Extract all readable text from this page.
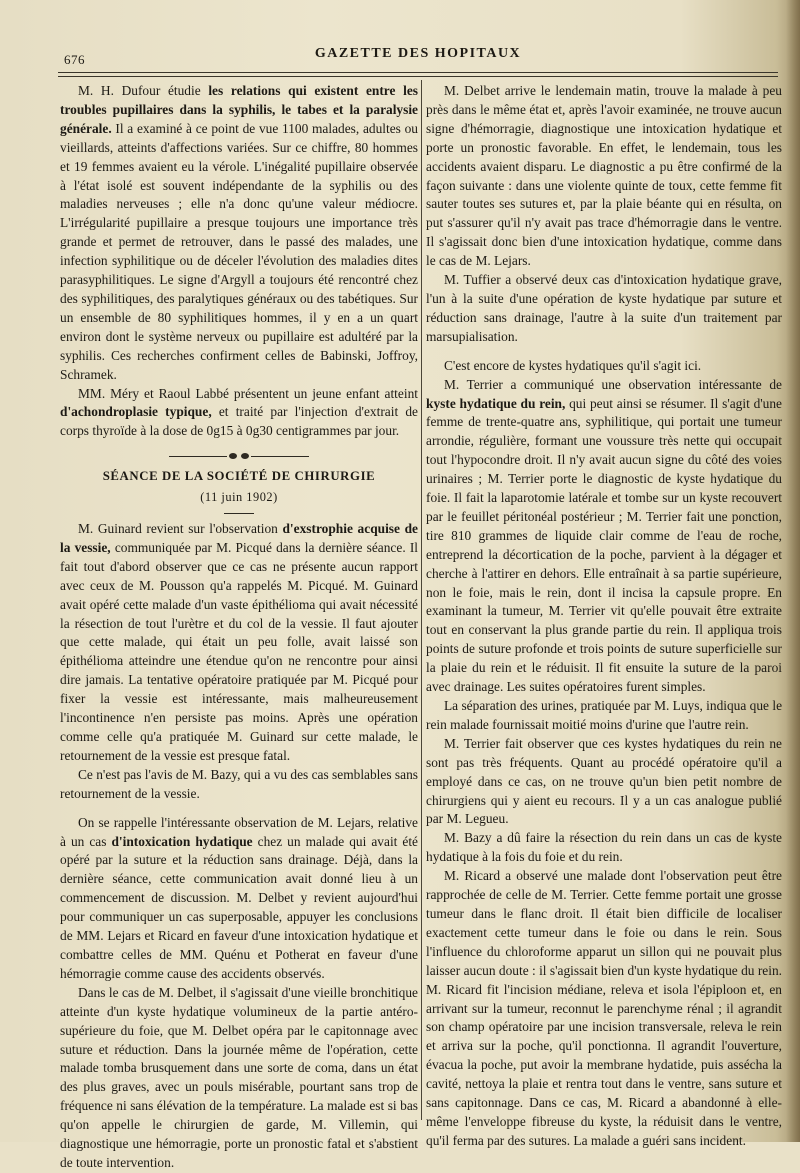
676	GAZETTE DES HOPITAUX

M. H. Dufour étudie les relations qui existent entre les troubles pupillaires dans la syphilis, le tabes et la paralysie générale. Il a examiné à ce point de vue 1100 malades, adultes ou vieillards, atteints d'affections variées. Sur ce chiffre, 80 hommes et 19 femmes avaient eu la vérole. L'inégalité pupillaire observée à l'état isolé est souvent indépendante de la syphilis ou des maladies nerveuses ; elle n'a donc qu'une valeur médiocre. L'irrégularité pupillaire a presque toujours une importance très grande et permet de retrouver, dans le passé des malades, une infection syphilitique ou de déceler l'évolution des maladies dites parasyphilitiques. Le signe d'Argyll a toujours été rencontré chez des syphilitiques, des paralytiques généraux ou des tabétiques. Sur un ensemble de 80 syphilitiques hommes, il y en a un quart environ dont le système nerveux ou pupillaire est adultéré par la syphilis. Ces recherches confirment celles de Babinski, Joffroy, Schramek.

MM. Méry et Raoul Labbé présentent un jeune enfant atteint d'achondroplasie typique, et traité par l'injection d'extrait de corps thyroïde à la dose de 0g15 à 0g30 centigrammes par jour.

SÉANCE DE LA SOCIÉTÉ DE CHIRURGIE
(11 juin 1902)

M. Guinard revient sur l'observation d'exstrophie acquise de la vessie, communiquée par M. Picqué dans la dernière séance. Il fait tout d'abord observer que ce cas ne présente aucun rapport avec ceux de M. Pousson qu'a rappelés M. Picqué. M. Guinard avait opéré cette malade d'un vaste épithélioma qui avait nécessité la résection de tout l'urètre et du col de la vessie. Il faut ajouter que cette malade, qui était un peu folle, avait laissé son épithélioma atteindre une étendue qu'on ne rencontre pour ainsi dire jamais. La tentative opératoire pratiquée par M. Picqué pour fixer la vessie est intéressante, mais malheureusement l'incontinence n'en persiste pas moins. Après une opération comme celle qu'a pratiquée M. Guinard sur cette malade, le retournement de la vessie est presque fatal.

Ce n'est pas l'avis de M. Bazy, qui a vu des cas semblables sans retournement de la vessie.

On se rappelle l'intéressante observation de M. Lejars, relative à un cas d'intoxication hydatique chez un malade qui avait été opéré par la suture et la réduction sans drainage. Déjà, dans la dernière séance, cette communication avait donné lieu à un commencement de discussion. M. Delbet y revient aujourd'hui pour communiquer un cas superposable, appuyer les conclusions de MM. Lejars et Ricard en faveur d'une intoxication hydatique et combattre celles de MM. Quénu et Potherat en faveur d'une hémorragie comme cause des accidents observés.

Dans le cas de M. Delbet, il s'agissait d'une vieille bronchitique atteinte d'un kyste hydatique volumineux de la partie antéro-supérieure du foie, que M. Delbet opéra par le capitonnage avec suture et réduction. Dans la journée même de l'opération, cette malade tomba brusquement dans une sorte de coma, dans un état des plus graves, avec un pouls misérable, pourtant sans trop de fréquence ni sans élévation de la température. La malade est si bas qu'on appelle le chirurgien de garde, M. Villemin, qui diagnostique une hémorragie, porte un pronostic fatal et s'abstient de toute intervention.

M. Delbet arrive le lendemain matin, trouve la malade à peu près dans le même état et, après l'avoir examinée, ne trouve aucun signe d'hémorragie, diagnostique une intoxication hydatique et porte un pronostic favorable. En effet, le lendemain, tous les accidents avaient disparu. Le diagnostic a pu être confirmé de la façon suivante : dans une violente quinte de toux, cette femme fit sauter toutes ses sutures et, par la plaie béante qui en résulta, on put s'assurer qu'il n'y avait pas trace d'hémorragie dans le ventre. Il s'agissait donc bien d'une intoxication hydatique, comme dans le cas de M. Lejars.

M. Tuffier a observé deux cas d'intoxication hydatique grave, l'un à la suite d'une opération de kyste hydatique par suture et réduction sans drainage, l'autre à la suite d'un traitement par marsupialisation.

C'est encore de kystes hydatiques qu'il s'agit ici.

M. Terrier a communiqué une observation intéressante de kyste hydatique du rein, qui peut ainsi se résumer. Il s'agit d'une femme de trente-quatre ans, syphilitique, qui portait une tumeur arrondie, régulière, formant une voussure très nette qui occupait tout l'hypocondre droit. Il n'y avait aucun signe du côté des voies urinaires ; M. Terrier porte le diagnostic de kyste hydatique du foie. Il fait la laparotomie latérale et tombe sur un kyste recouvert par le feuillet péritonéal postérieur ; M. Terrier fait une ponction, tire 810 grammes de liquide clair comme de l'eau de roche, entreprend la décortication de la poche, parvient à la dégager et cherche à l'attirer en dehors. Elle entraînait à sa partie supérieure, non le foie, mais le rein, dont il incisa la capsule propre. En examinant la tumeur, M. Terrier vit qu'elle pouvait être extraite tout en conservant la plus grande partie du rein. Il appliqua trois points de suture profonde et trois points de suture superficielle sur la plaie du rein et le réduisit. Il fit ensuite la suture de la paroi avec drainage. Les suites opératoires furent simples.

La séparation des urines, pratiquée par M. Luys, indiqua que le rein malade fournissait moitié moins d'urine que l'autre rein.

M. Terrier fait observer que ces kystes hydatiques du rein ne sont pas très fréquents. Quant au procédé opératoire qu'il a employé dans ce cas, on ne trouve qu'un bien petit nombre de chirurgiens qui y aient eu recours. Il y a un cas analogue publié par M. Legueu.

M. Bazy a dû faire la résection du rein dans un cas de kyste hydatique à la fois du foie et du rein.

M. Ricard a observé une malade dont l'observation peut être rapprochée de celle de M. Terrier. Cette femme portait une grosse tumeur dans le flanc droit. Il était bien difficile de localiser exactement cette tumeur dans le foie ou dans le rein. Sous l'influence du chloroforme apparut un sillon qui ne pouvait plus laisser aucun doute : il s'agissait bien d'un kyste hydatique du rein. M. Ricard fit l'incision médiane, releva et isola l'épiploon et, en arrivant sur la tumeur, reconnut le parenchyme rénal ; il agrandit son champ opératoire par une incision transversale, releva le rein et arriva sur la poche, qu'il ponctionna. Il agrandit l'ouverture, évacua la poche, put avoir la membrane hydatide, puis assécha la cavité, nettoya la plaie et rentra tout dans le ventre, sans suture et sans capitonnage. Dans ce cas, M. Ricard a abandonné à elle-même l'enveloppe fibreuse du kyste, la réduisit dans le ventre, qu'il ferma par des sutures. La malade a guéri sans incident.
